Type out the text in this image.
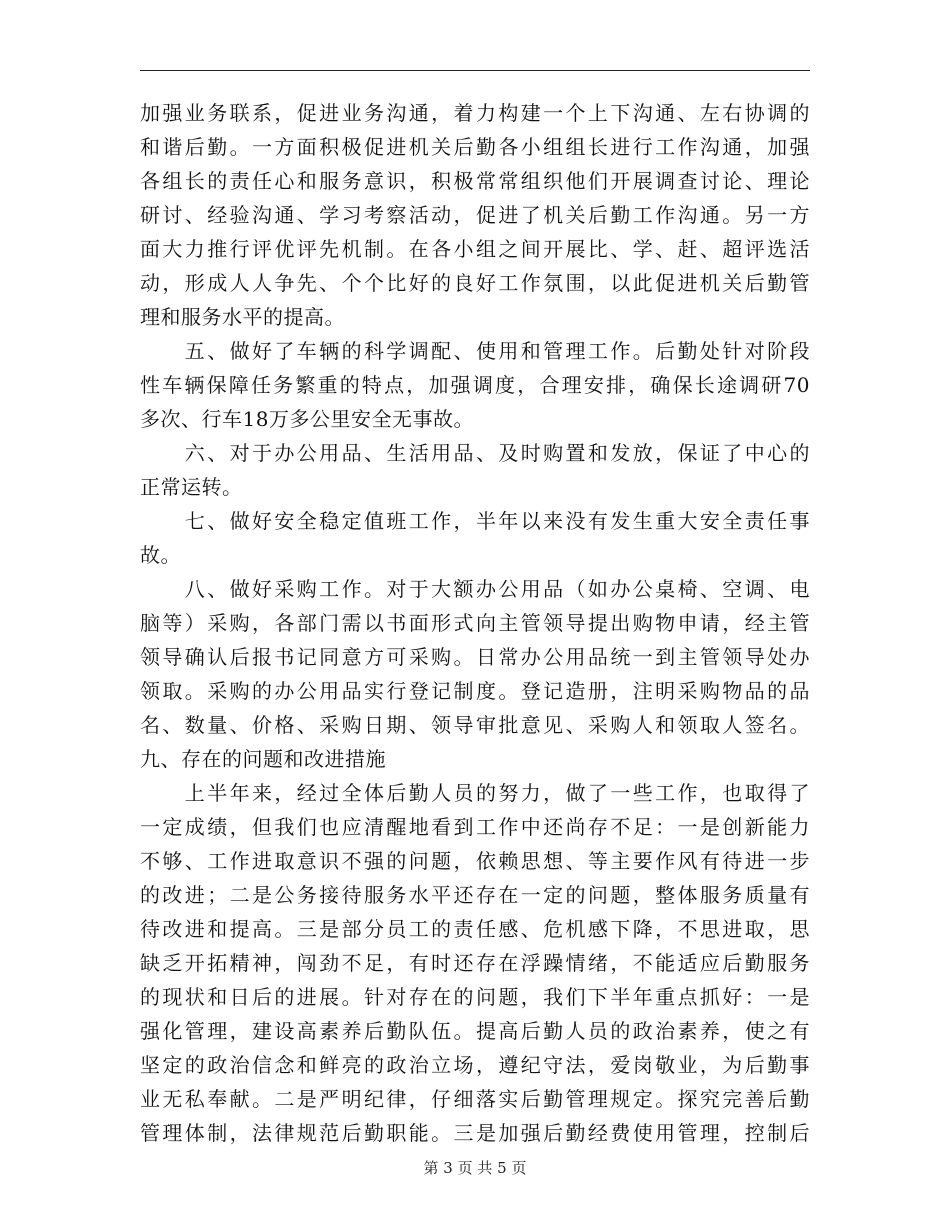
加强业务联系，促进业务沟通，着力构建一个上下沟通、左右协调的
和谐后勤。一方面积极促进机关后勤各小组组长进行工作沟通，加强
各组长的责任心和服务意识，积极常常组织他们开展调查讨论、理论
研讨、经验沟通、学习考察活动，促进了机关后勤工作沟通。另一方
面大力推行评优评先机制。在各小组之间开展比、学、赶、超评选活
动，形成人人争先、个个比好的良好工作氛围，以此促进机关后勤管
理和服务水平的提高。
　　五、做好了车辆的科学调配、使用和管理工作。后勤处针对阶段
性车辆保障任务繁重的特点，加强调度，合理安排，确保长途调研70
多次、行车18万多公里安全无事故。
　　六、对于办公用品、生活用品、及时购置和发放，保证了中心的
正常运转。
　　七、做好安全稳定值班工作，半年以来没有发生重大安全责任事
故。
　　八、做好采购工作。对于大额办公用品（如办公桌椅、空调、电
脑等）采购，各部门需以书面形式向主管领导提出购物申请，经主管
领导确认后报书记同意方可采购。日常办公用品统一到主管领导处办
领取。采购的办公用品实行登记制度。登记造册，注明采购物品的品
名、数量、价格、采购日期、领导审批意见、采购人和领取人签名。
九、存在的问题和改进措施
　　上半年来，经过全体后勤人员的努力，做了一些工作，也取得了
一定成绩，但我们也应清醒地看到工作中还尚存不足：一是创新能力
不够、工作进取意识不强的问题，依赖思想、等主要作风有待进一步
的改进；二是公务接待服务水平还存在一定的问题，整体服务质量有
待改进和提高。三是部分员工的责任感、危机感下降，不思进取，思
缺乏开拓精神，闯劲不足，有时还存在浮躁情绪，不能适应后勤服务
的现状和日后的进展。针对存在的问题，我们下半年重点抓好：一是
强化管理，建设高素养后勤队伍。提高后勤人员的政治素养，使之有
坚定的政治信念和鲜亮的政治立场，遵纪守法，爱岗敬业，为后勤事
业无私奉献。二是严明纪律，仔细落实后勤管理规定。探究完善后勤
管理体制，法律规范后勤职能。三是加强后勤经费使用管理，控制后
第 3 页 共 5 页
